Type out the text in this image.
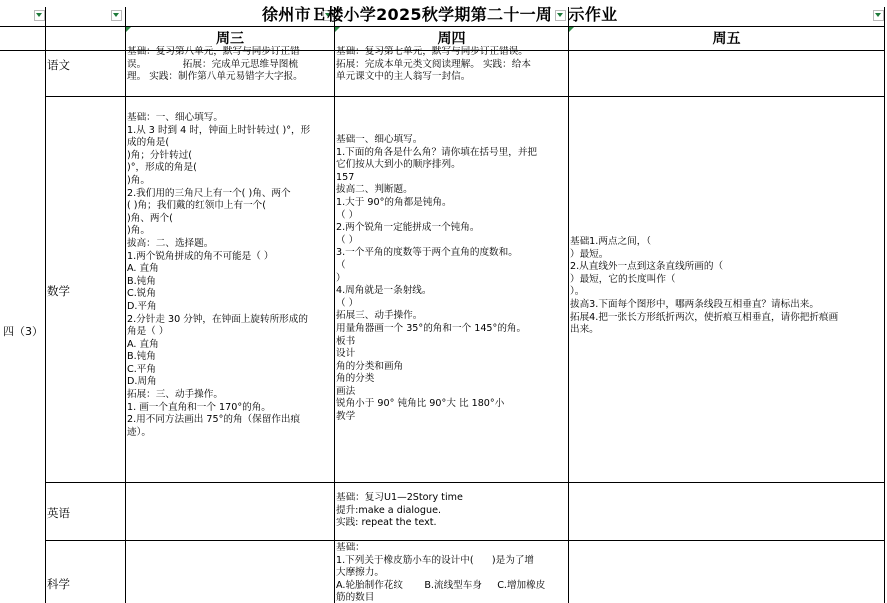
徐州市Ｅ楼小学2025秋学期第二十一周　示作业
周三	周四	周五
四（3）
语文
数学
英语
科学
基础：复习第八单元，默写与同步订正错
误。            拓展：完成单元思维导图梳
理。 实践：制作第八单元易错字大字报。
基础：复习第七单元，默写与同步订正错误。
拓展：完成本单元类文阅读理解。 实践：给本
单元课文中的主人翁写一封信。
基础：一、细心填写。
1.从 3 时到 4 时，钟面上时针转过( )°，形
成的角是(
)角；分针转过(
)°，形成的角是(
)角。
2.我们用的三角尺上有一个( )角、两个
( )角；我们戴的红领巾上有一个(
)角、两个(
)角。
拔高：二、选择题。
1.两个锐角拼成的角不可能是（ ）
A. 直角
B.钝角
C.锐角
D.平角
2.分针走 30 分钟，在钟面上旋转所形成的
角是（ ）
A. 直角
B.钝角
C.平角
D.周角
拓展：三、动手操作。
1. 画一个直角和一个 170°的角。
2.用不同方法画出 75°的角（保留作出痕
迹）。
基础一、细心填写。
1.下面的角各是什么角？请你填在括号里，并把
它们按从大到小的顺序排列。
157
拔高二、判断题。
1.大于 90°的角都是钝角。
（ ）
2.两个锐角一定能拼成一个钝角。
（ ）
3.一个平角的度数等于两个直角的度数和。
（
）
4.周角就是一条射线。
（ ）
拓展三、动手操作。
用量角器画一个 35°的角和一个 145°的角。
板书
设计
角的分类和画角
角的分类
画法
锐角小于 90° 钝角比 90°大 比 180°小
教学
基础1.两点之间，（
）最短。
2.从直线外一点到这条直线所画的（
）最短，它的长度叫作（
）。
拔高3.下面每个图形中，哪两条线段互相垂直？请标出来。
拓展4.把一张长方形纸折两次，使折痕互相垂直，请你把折痕画
出来。
基础：复习U1—2Story time
提升:make a dialogue.
实践: repeat the text.
基础：
1.下列关于橡皮筋小车的设计中(      )是为了增
大摩擦力。
A.轮胎制作花纹       B.流线型车身     C.增加橡皮
筋的数目
